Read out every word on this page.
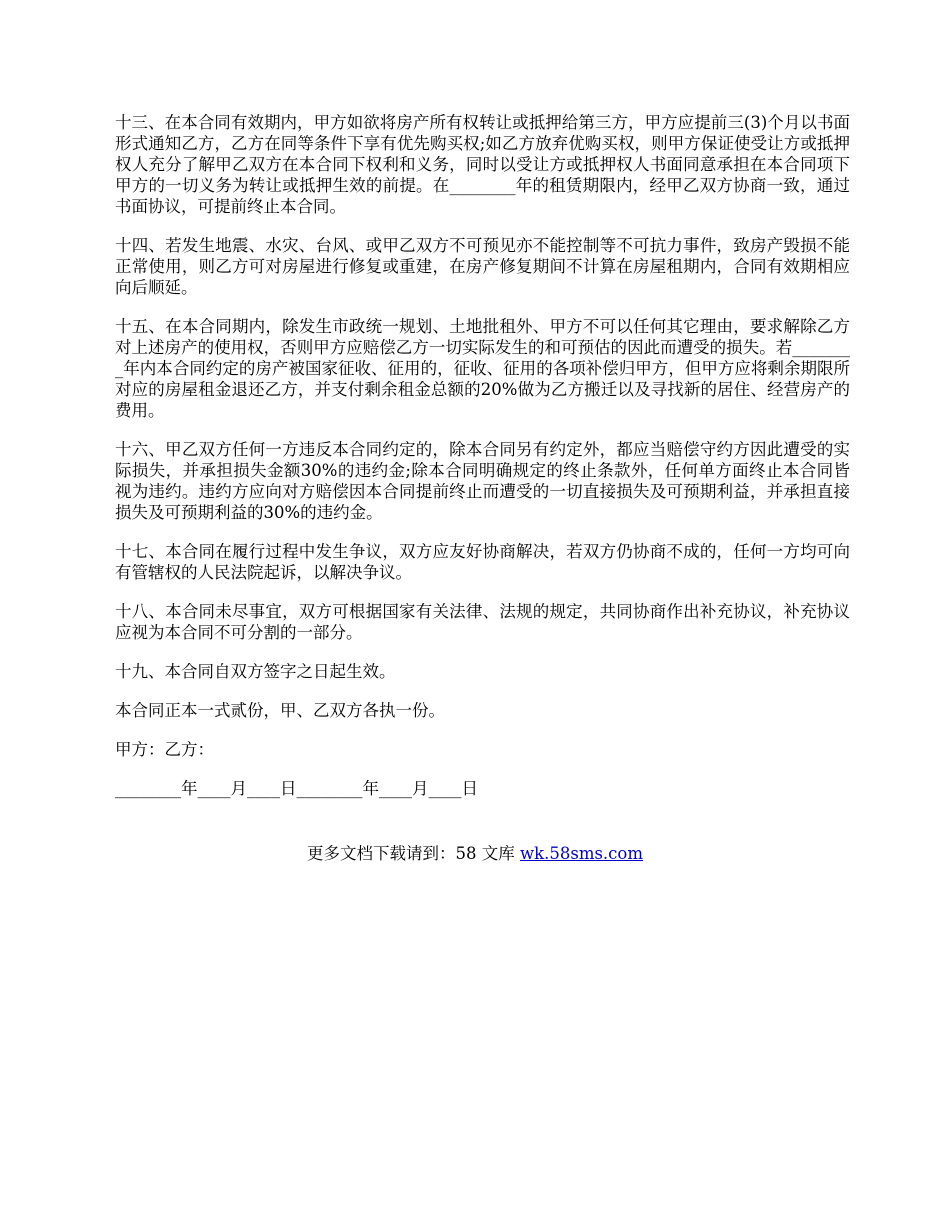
十三、在本合同有效期内，甲方如欲将房产所有权转让或抵押给第三方，甲方应提前三(3)个月以书面形式通知乙方，乙方在同等条件下享有优先购买权;如乙方放弃优购买权，则甲方保证使受让方或抵押权人充分了解甲乙双方在本合同下权利和义务，同时以受让方或抵押权人书面同意承担在本合同项下甲方的一切义务为转让或抵押生效的前提。在________年的租赁期限内，经甲乙双方协商一致，通过书面协议，可提前终止本合同。

十四、若发生地震、水灾、台风、或甲乙双方不可预见亦不能控制等不可抗力事件，致房产毁损不能正常使用，则乙方可对房屋进行修复或重建，在房产修复期间不计算在房屋租期内，合同有效期相应向后顺延。

十五、在本合同期内，除发生市政统一规划、土地批租外、甲方不可以任何其它理由，要求解除乙方对上述房产的使用权，否则甲方应赔偿乙方一切实际发生的和可预估的因此而遭受的损失。若________年内本合同约定的房产被国家征收、征用的，征收、征用的各项补偿归甲方，但甲方应将剩余期限所对应的房屋租金退还乙方，并支付剩余租金总额的20%做为乙方搬迁以及寻找新的居住、经营房产的费用。

十六、甲乙双方任何一方违反本合同约定的，除本合同另有约定外，都应当赔偿守约方因此遭受的实际损失，并承担损失金额30%的违约金;除本合同明确规定的终止条款外，任何单方面终止本合同皆视为违约。违约方应向对方赔偿因本合同提前终止而遭受的一切直接损失及可预期利益，并承担直接损失及可预期利益的30%的违约金。

十七、本合同在履行过程中发生争议，双方应友好协商解决，若双方仍协商不成的，任何一方均可向有管辖权的人民法院起诉，以解决争议。

十八、本合同未尽事宜，双方可根据国家有关法律、法规的规定，共同协商作出补充协议，补充协议应视为本合同不可分割的一部分。

十九、本合同自双方签字之日起生效。

本合同正本一式贰份，甲、乙双方各执一份。

甲方：乙方：

________年____月____日________年____月____日

更多文档下载请到：58 文库 wk.58sms.com
